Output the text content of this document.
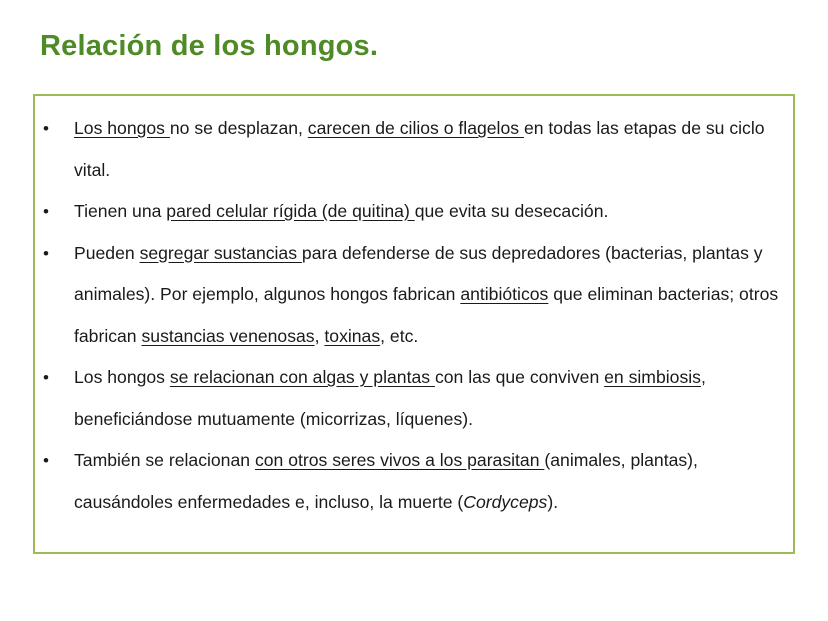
Relación de los hongos.
• Los hongos no se desplazan, carecen de cilios o flagelos en todas las etapas de su ciclo vital.
• Tienen una pared celular rígida (de quitina) que evita su desecación.
• Pueden segregar sustancias para defenderse de sus depredadores (bacterias, plantas y animales). Por ejemplo, algunos hongos fabrican antibióticos que eliminan bacterias; otros fabrican sustancias venenosas, toxinas, etc.
• Los hongos se relacionan con algas y plantas con las que conviven en simbiosis, beneficiándose mutuamente (micorrizas, líquenes).
• También se relacionan con otros seres vivos a los parasitan (animales, plantas), causándoles enfermedades e, incluso, la muerte (Cordyceps).
